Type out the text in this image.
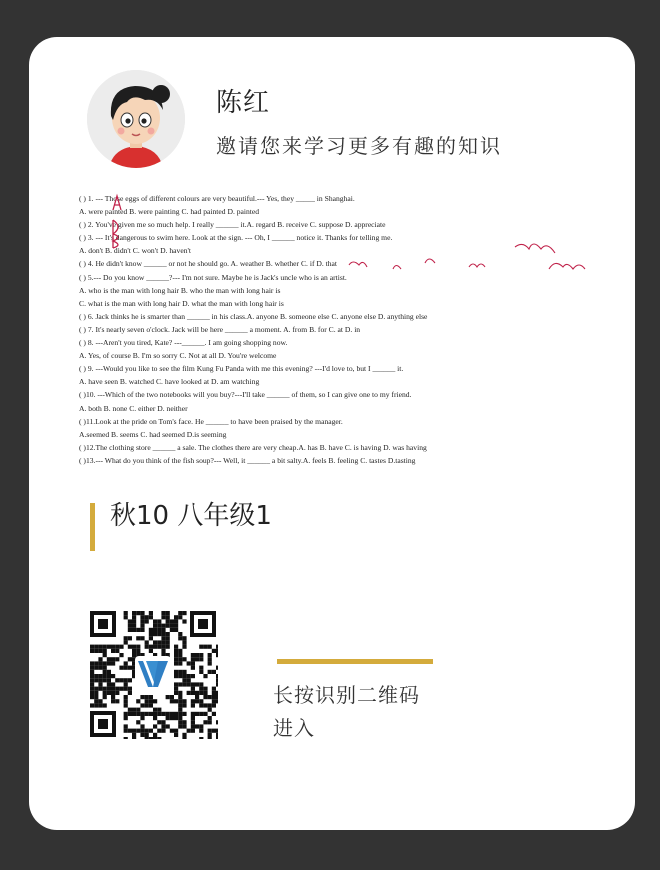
陈红
邀请您来学习更多有趣的知识

( ) 1. --- Those eggs of different colours are very beautiful.--- Yes, they _____ in Shanghai.
A. were painted B. were painting C. had painted D. painted
( ) 2. You've given me so much help. I really ______ it.A. regard B. receive C. suppose D. appreciate
( ) 3. --- It's dangerous to swim here. Look at the sign. --- Oh, I ______ notice it. Thanks for telling me.
A. don't B. didn't C. won't D. haven't
( ) 4. He didn't know ______ or not he should go. A. weather B. whether C. if D. that
( ) 5.--- Do you know ______?--- I'm not sure. Maybe he is Jack's uncle who is an artist.
A. who is the man with long hair B. who the man with long hair is
C. what is the man with long hair D. what the man with long hair is
( ) 6. Jack thinks he is smarter than ______ in his class.A. anyone B. someone else C. anyone else D. anything else
( ) 7. It's nearly seven o'clock. Jack will be here ______ a moment. A. from B. for C. at D. in
( ) 8. ---Aren't you tired, Kate? ---______. I am going shopping now.
A. Yes, of course B. I'm so sorry C. Not at all D. You're welcome
( ) 9. ---Would you like to see the film Kung Fu Panda with me this evening? ---I'd love to, but I ______ it.
A. have seen B. watched C. have looked at D. am watching
( )10. ---Which of the two notebooks will you buy?---I'll take ______ of them, so I can give one to my friend.
A. both B. none C. either D. neither
( )11.Look at the pride on Tom's face. He ______ to have been praised by the manager.
A.seemed B. seems C. had seemed D.is seeming
( )12.The clothing store ______ a sale. The clothes there are very cheap.A. has B. have C. is having D. was having
( )13.--- What do you think of the fish soup?--- Well, it ______ a bit salty.A. feels B. feeling C. tastes D.tasting
秋10 八年级1
长按识别二维码
进入
